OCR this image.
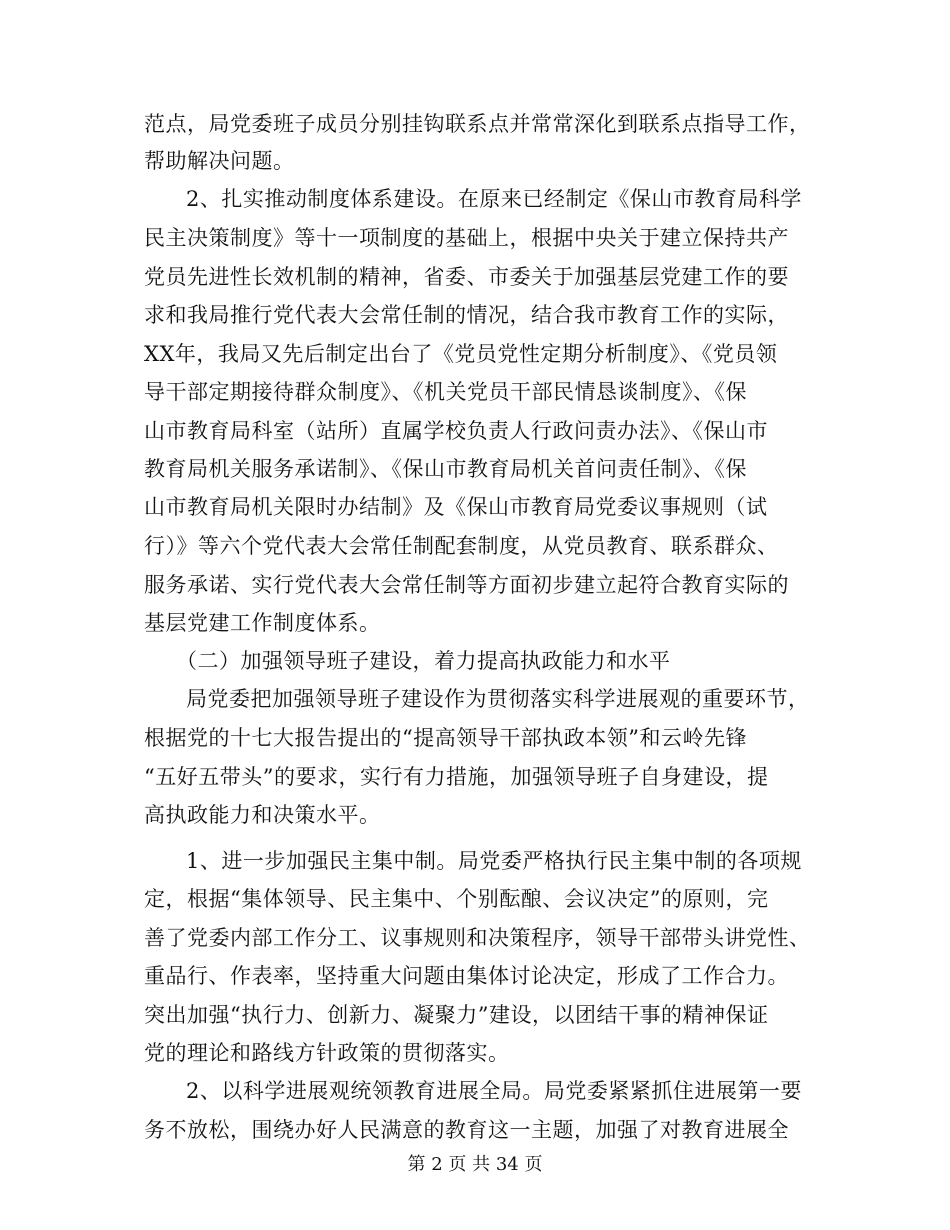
范点，局党委班子成员分别挂钩联系点并常常深化到联系点指导工作，
帮助解决问题。
2、扎实推动制度体系建设。在原来已经制定《保山市教育局科学
民主决策制度》等十一项制度的基础上，根据中央关于建立保持共产
党员先进性长效机制的精神，省委、市委关于加强基层党建工作的要
求和我局推行党代表大会常任制的情况，结合我市教育工作的实际，
XX年，我局又先后制定出台了《党员党性定期分析制度》、《党员领
导干部定期接待群众制度》、《机关党员干部民情恳谈制度》、《保
山市教育局科室（站所）直属学校负责人行政问责办法》、《保山市
教育局机关服务承诺制》、《保山市教育局机关首问责任制》、《保
山市教育局机关限时办结制》及《保山市教育局党委议事规则（试
行）》等六个党代表大会常任制配套制度，从党员教育、联系群众、
服务承诺、实行党代表大会常任制等方面初步建立起符合教育实际的
基层党建工作制度体系。
（二）加强领导班子建设，着力提高执政能力和水平
局党委把加强领导班子建设作为贯彻落实科学进展观的重要环节，
根据党的十七大报告提出的“提高领导干部执政本领”和云岭先锋
“五好五带头”的要求，实行有力措施，加强领导班子自身建设，提
高执政能力和决策水平。
1、进一步加强民主集中制。局党委严格执行民主集中制的各项规
定，根据“集体领导、民主集中、个别酝酿、会议决定”的原则，完
善了党委内部工作分工、议事规则和决策程序，领导干部带头讲党性、
重品行、作表率，坚持重大问题由集体讨论决定，形成了工作合力。
突出加强“执行力、创新力、凝聚力”建设，以团结干事的精神保证
党的理论和路线方针政策的贯彻落实。
2、以科学进展观统领教育进展全局。局党委紧紧抓住进展第一要
务不放松，围绕办好人民满意的教育这一主题，加强了对教育进展全
第 2 页 共 34 页
